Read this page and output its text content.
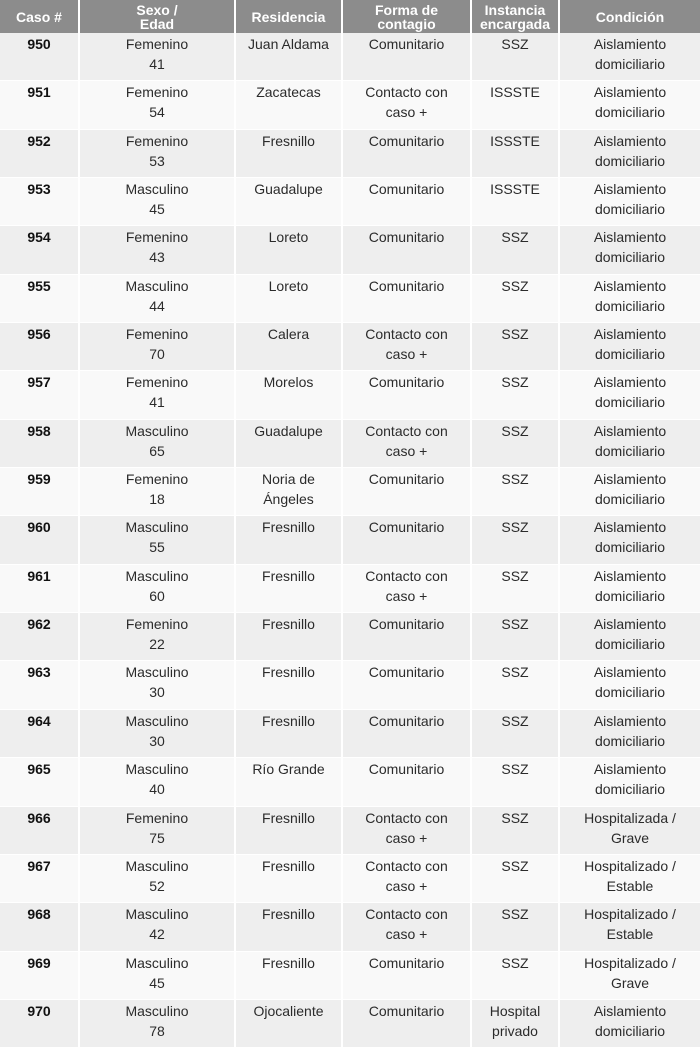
Caso #	Sexo /
Edad	Residencia	Forma de
contagio	Instancia
encargada	Condición
950	Femenino
41	Juan Aldama	Comunitario	SSZ	Aislamiento
domiciliario

951	Femenino
54	Zacatecas	Contacto con
caso +	ISSSTE	Aislamiento
domiciliario

952	Femenino
53	Fresnillo	Comunitario	ISSSTE	Aislamiento
domiciliario

953	Masculino
45	Guadalupe	Comunitario	ISSSTE	Aislamiento
domiciliario

954	Femenino
43	Loreto	Comunitario	SSZ	Aislamiento
domiciliario

955	Masculino
44	Loreto	Comunitario	SSZ	Aislamiento
domiciliario

956	Femenino
70	Calera	Contacto con
caso +	SSZ	Aislamiento
domiciliario

957	Femenino
41	Morelos	Comunitario	SSZ	Aislamiento
domiciliario

958	Masculino
65	Guadalupe	Contacto con
caso +	SSZ	Aislamiento
domiciliario

959	Femenino
18	Noria de
Ángeles	Comunitario	SSZ	Aislamiento
domiciliario

960	Masculino
55	Fresnillo	Comunitario	SSZ	Aislamiento
domiciliario

961	Masculino
60	Fresnillo	Contacto con
caso +	SSZ	Aislamiento
domiciliario

962	Femenino
22	Fresnillo	Comunitario	SSZ	Aislamiento
domiciliario

963	Masculino
30	Fresnillo	Comunitario	SSZ	Aislamiento
domiciliario

964	Masculino
30	Fresnillo	Comunitario	SSZ	Aislamiento
domiciliario

965	Masculino
40	Río Grande	Comunitario	SSZ	Aislamiento
domiciliario

966	Femenino
75	Fresnillo	Contacto con
caso +	SSZ	Hospitalizada /
Grave

967	Masculino
52	Fresnillo	Contacto con
caso +	SSZ	Hospitalizado /
Estable

968	Masculino
42	Fresnillo	Contacto con
caso +	SSZ	Hospitalizado /
Estable

969	Masculino
45	Fresnillo	Comunitario	SSZ	Hospitalizado /
Grave

970	Masculino
78	Ojocaliente	Comunitario	Hospital
privado	Aislamiento
domiciliario
